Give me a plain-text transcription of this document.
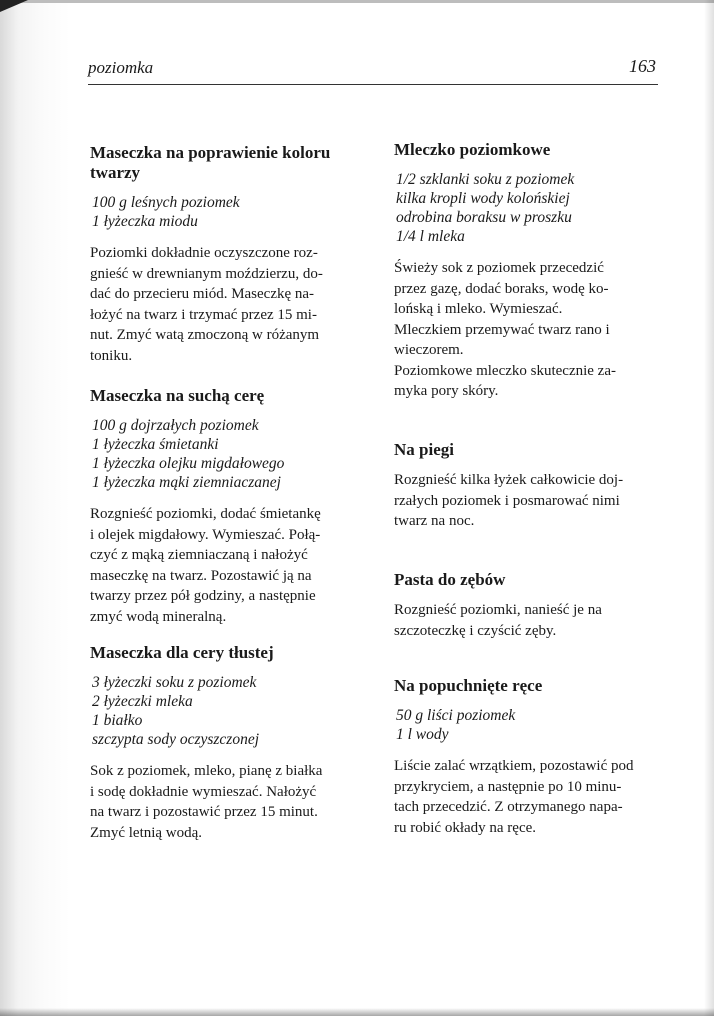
poziomka	163
Maseczka na poprawienie koloru twarzy
100 g leśnych poziomek
1 łyżeczka miodu

Poziomki dokładnie oczyszczone roz-
gnieść w drewnianym moździerzu, do-
dać do przecieru miód. Maseczkę na-
łożyć na twarz i trzymać przez 15 mi-
nut. Zmyć watą zmoczoną w różanym
toniku.

Maseczka na suchą cerę
100 g dojrzałych poziomek
1 łyżeczka śmietanki
1 łyżeczka olejku migdałowego
1 łyżeczka mąki ziemniaczanej

Rozgnieść poziomki, dodać śmietankę
i olejek migdałowy. Wymieszać. Połą-
czyć z mąką ziemniaczaną i nałożyć
maseczkę na twarz. Pozostawić ją na
twarzy przez pół godziny, a następnie
zmyć wodą mineralną.

Maseczka dla cery tłustej
3 łyżeczki soku z poziomek
2 łyżeczki mleka
1 białko
szczypta sody oczyszczonej

Sok z poziomek, mleko, pianę z białka
i sodę dokładnie wymieszać. Nałożyć
na twarz i pozostawić przez 15 minut.
Zmyć letnią wodą.

Mleczko poziomkowe
1/2 szklanki soku z poziomek
kilka kropli wody kolońskiej
odrobina boraksu w proszku
1/4 l mleka

Świeży sok z poziomek przecedzić
przez gazę, dodać boraks, wodę ko-
lońską i mleko. Wymieszać.
Mleczkiem przemywać twarz rano i
wieczorem.
Poziomkowe mleczko skutecznie za-
myka pory skóry.

Na piegi

Rozgnieść kilka łyżek całkowicie doj-
rzałych poziomek i posmarować nimi
twarz na noc.

Pasta do zębów

Rozgnieść poziomki, nanieść je na
szczoteczkę i czyścić zęby.

Na popuchnięte ręce
50 g liści poziomek
1 l wody

Liście zalać wrzątkiem, pozostawić pod
przykryciem, a następnie po 10 minu-
tach przecedzić. Z otrzymanego napa-
ru robić okłady na ręce.
